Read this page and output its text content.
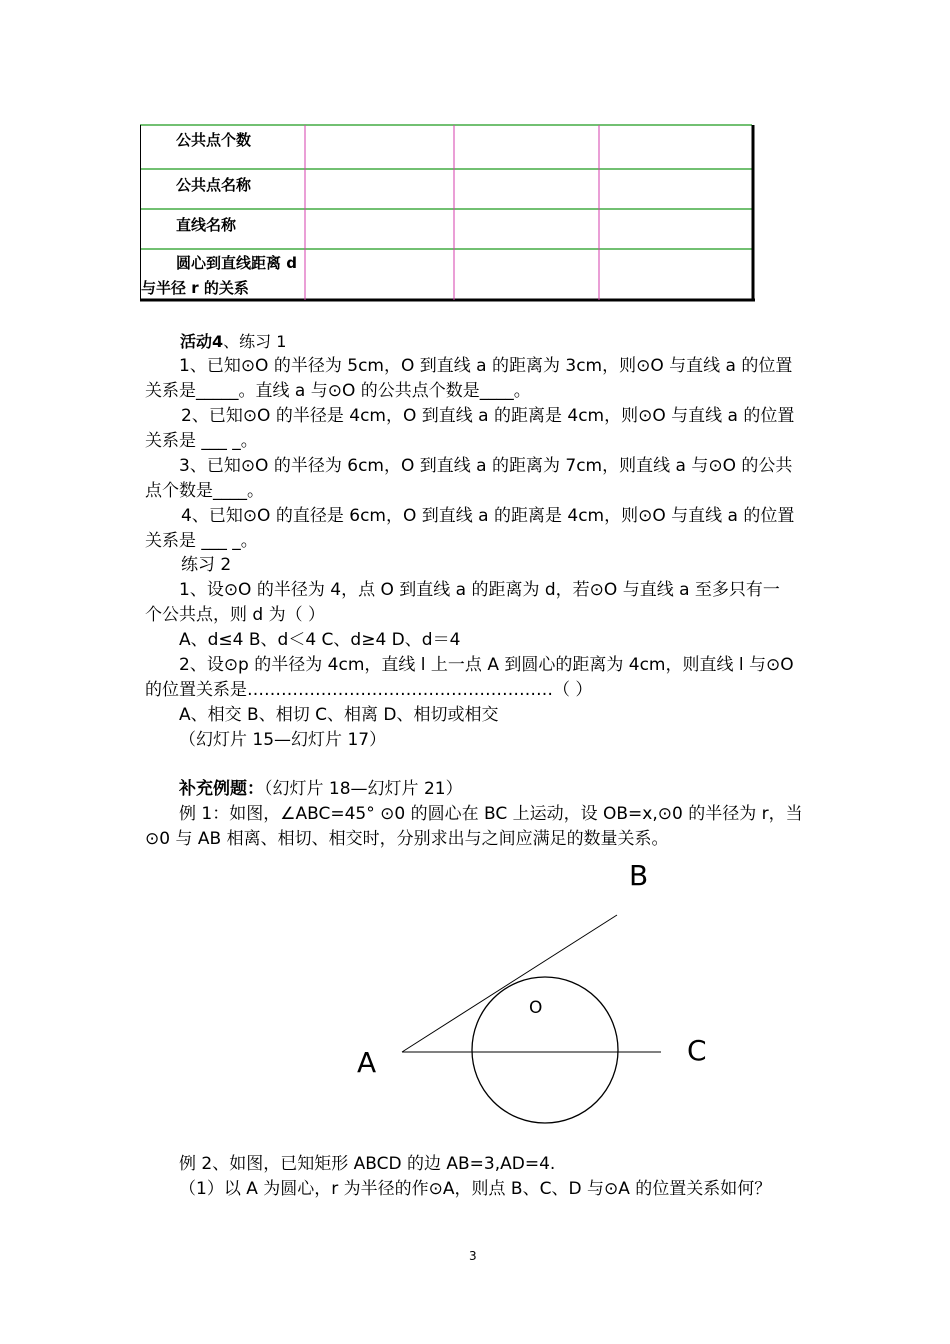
公共点个数
公共点名称
直线名称
圆心到直线距离 d
与半径 r 的关系
活动4、练习 1
1、已知⊙O 的半径为 5cm，O 到直线 a 的距离为 3cm，则⊙O 与直线 a 的位置
关系是_____。直线 a 与⊙O 的公共点个数是____。
2、已知⊙O 的半径是 4cm，O 到直线 a 的距离是 4cm，则⊙O 与直线 a 的位置
关系是 ___ _。
3、已知⊙O 的半径为 6cm，O 到直线 a 的距离为 7cm，则直线 a 与⊙O 的公共
点个数是____。
4、已知⊙O 的直径是 6cm，O 到直线 a 的距离是 4cm，则⊙O 与直线 a 的位置
关系是 ___ _。
练习 2
1、设⊙O 的半径为 4，点 O 到直线 a 的距离为 d，若⊙O 与直线 a 至多只有一
个公共点，则 d 为（ ）
A、d≤4 B、d＜4 C、d≥4 D、d＝4
2、设⊙p 的半径为 4cm，直线 l 上一点 A 到圆心的距离为 4cm，则直线 l 与⊙O
的位置关系是………………………………………………（ ）
A、相交 B、相切 C、相离 D、相切或相交
（幻灯片 15—幻灯片 17）
补充例题：（幻灯片 18—幻灯片 21）
例 1：如图，∠ABC=45° ⊙0 的圆心在 BC 上运动，设 OB=x,⊙0 的半径为 r，当
⊙0 与 AB 相离、相切、相交时，分别求出与之间应满足的数量关系。
B
C
A
O
例 2、如图，已知矩形 ABCD 的边 AB=3,AD=4.
（1）以 A 为圆心，r 为半径的作⊙A，则点 B、C、D 与⊙A 的位置关系如何？
3
